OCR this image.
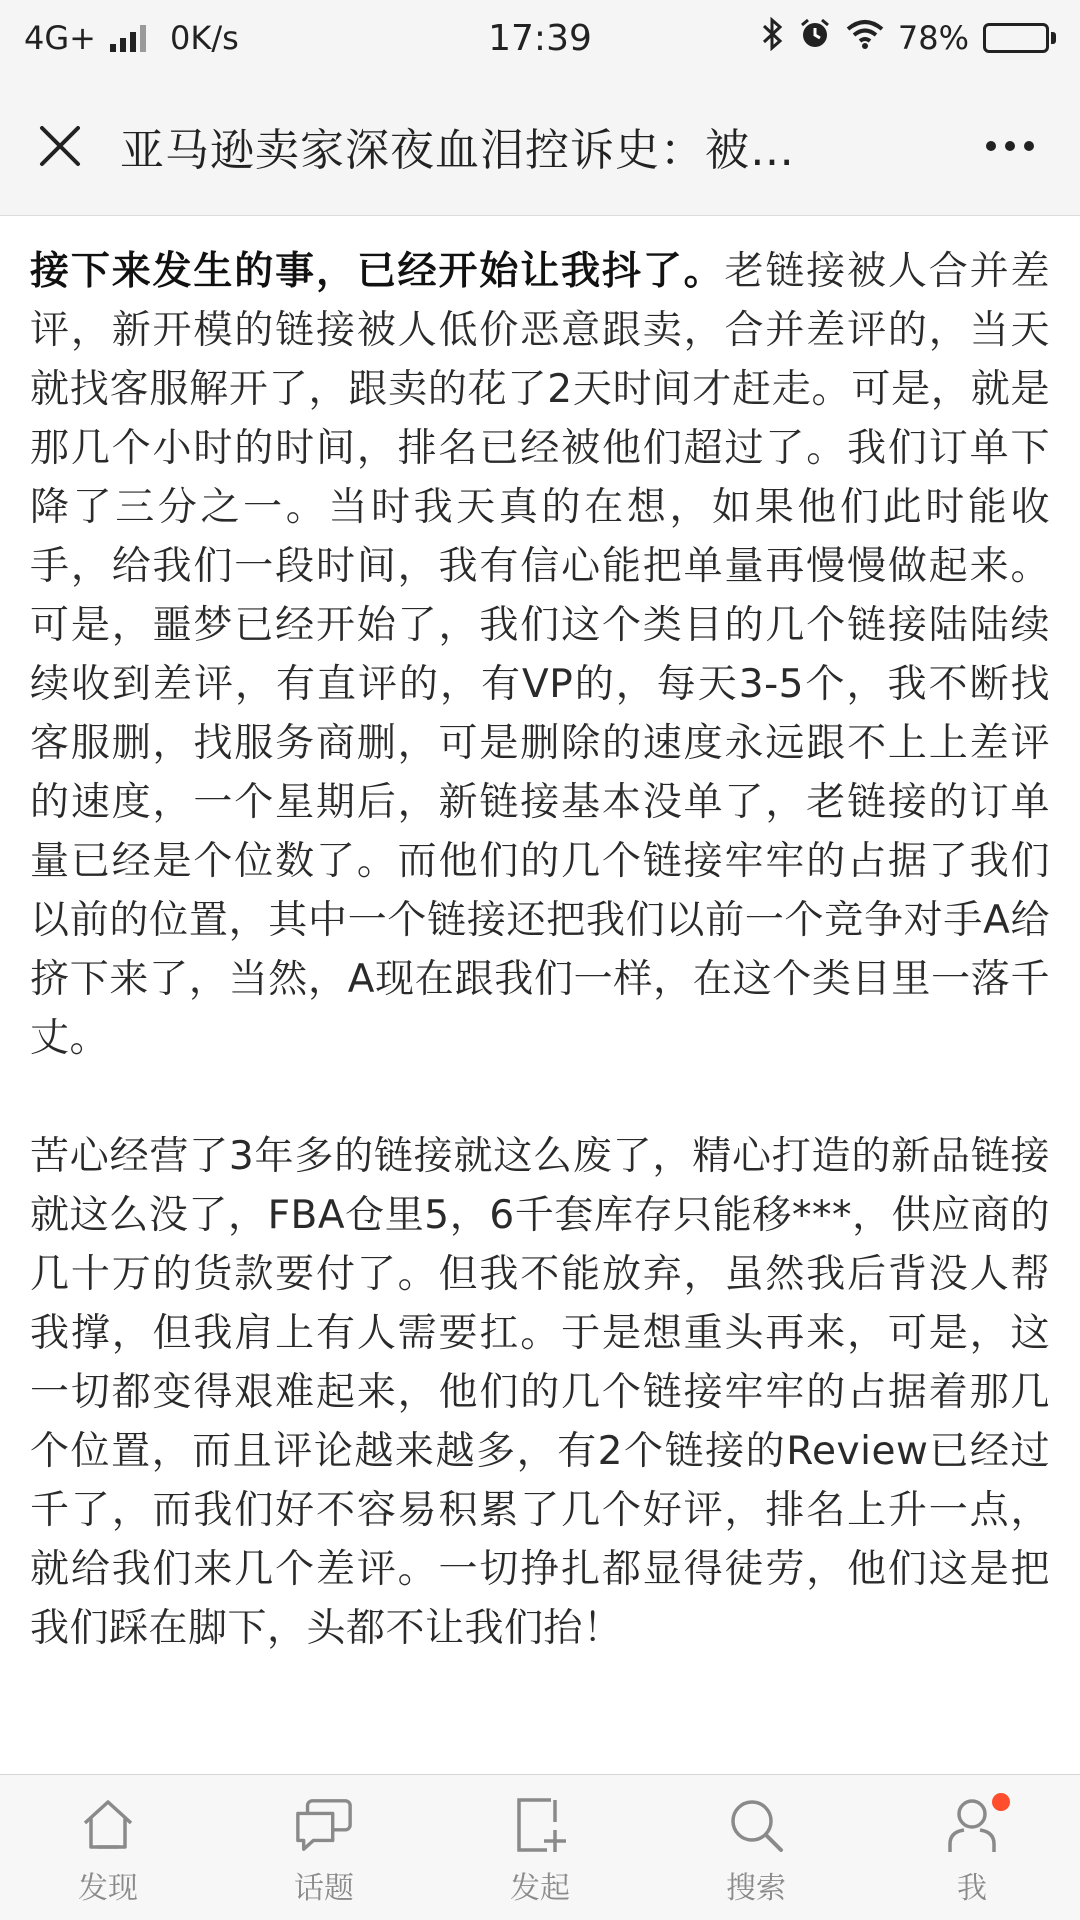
4G+ 0K/s	17:39	78%
亚马逊卖家深夜血泪控诉史：被…

接下来发生的事，已经开始让我抖了。老链接被人合并差评，新开模的链接被人低价恶意跟卖，合并差评的，当天就找客服解开了，跟卖的花了2天时间才赶走。可是，就是那几个小时的时间，排名已经被他们超过了。我们订单下降了三分之一。当时我天真的在想，如果他们此时能收手，给我们一段时间，我有信心能把单量再慢慢做起来。可是，噩梦已经开始了，我们这个类目的几个链接陆陆续续收到差评，有直评的，有VP的，每天3-5个，我不断找客服删，找服务商删，可是删除的速度永远跟不上上差评的速度，一个星期后，新链接基本没单了，老链接的订单量已经是个位数了。而他们的几个链接牢牢的占据了我们以前的位置，其中一个链接还把我们以前一个竞争对手A给挤下来了，当然，A现在跟我们一样，在这个类目里一落千丈。

苦心经营了3年多的链接就这么废了，精心打造的新品链接就这么没了，FBA仓里5，6千套库存只能移***，供应商的几十万的货款要付了。但我不能放弃，虽然我后背没人帮我撑，但我肩上有人需要扛。于是想重头再来，可是，这一切都变得艰难起来，他们的几个链接牢牢的占据着那几个位置，而且评论越来越多，有2个链接的Review已经过千了，而我们好不容易积累了几个好评，排名上升一点，就给我们来几个差评。一切挣扎都显得徒劳，他们这是把我们踩在脚下，头都不让我们抬！

发现	话题	发起	搜索	我
